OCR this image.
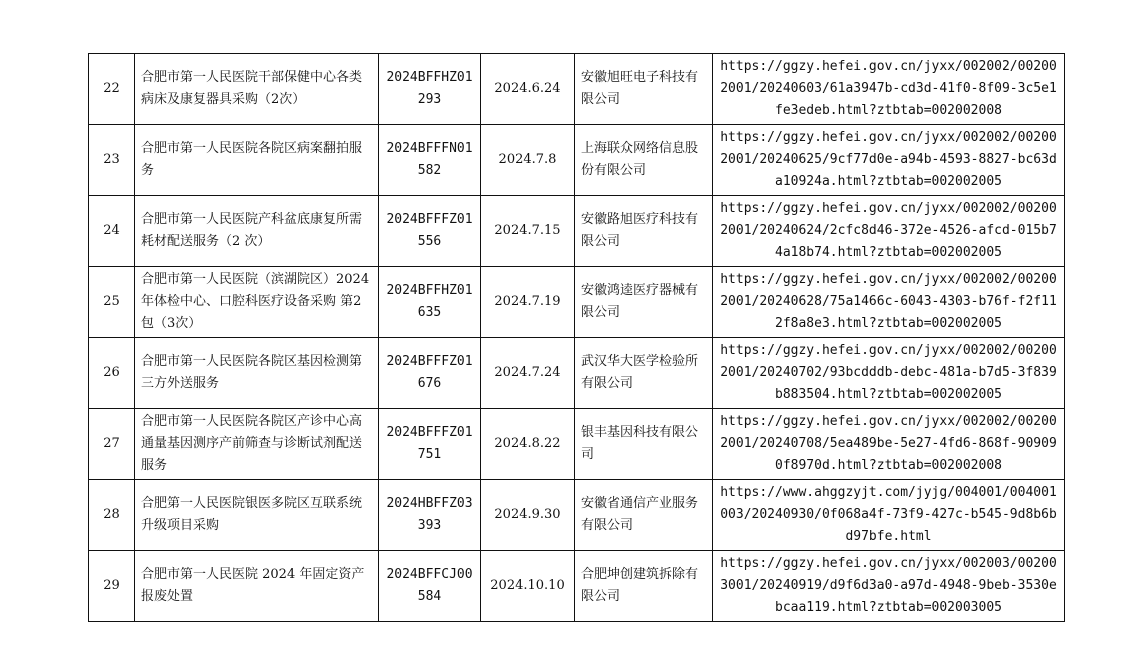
22	合肥市第一人民医院干部保健中心各类病床及康复器具采购（2次）	2024BFFHZ01293	2024.6.24	安徽旭旺电子科技有限公司	https://ggzy.hefei.gov.cn/jyxx/002002/002002001/20240603/61a3947b-cd3d-41f0-8f09-3c5e1fe3edeb.html?ztbtab=002002008
23	合肥市第一人民医院各院区病案翻拍服务	2024BFFFN01582	2024.7.8	上海联众网络信息股份有限公司	https://ggzy.hefei.gov.cn/jyxx/002002/002002001/20240625/9cf77d0e-a94b-4593-8827-bc63da10924a.html?ztbtab=002002005
24	合肥市第一人民医院产科盆底康复所需耗材配送服务（2 次）	2024BFFFZ01556	2024.7.15	安徽路旭医疗科技有限公司	https://ggzy.hefei.gov.cn/jyxx/002002/002002001/20240624/2cfc8d46-372e-4526-afcd-015b74a18b74.html?ztbtab=002002005
25	合肥市第一人民医院（滨湖院区）2024年体检中心、口腔科医疗设备采购 第2包（3次）	2024BFFHZ01635	2024.7.19	安徽鸿逵医疗器械有限公司	https://ggzy.hefei.gov.cn/jyxx/002002/002002001/20240628/75a1466c-6043-4303-b76f-f2f112f8a8e3.html?ztbtab=002002005
26	合肥市第一人民医院各院区基因检测第三方外送服务	2024BFFFZ01676	2024.7.24	武汉华大医学检验所有限公司	https://ggzy.hefei.gov.cn/jyxx/002002/002002001/20240702/93bcdddb-debc-481a-b7d5-3f839b883504.html?ztbtab=002002005
27	合肥市第一人民医院各院区产诊中心高通量基因测序产前筛查与诊断试剂配送服务	2024BFFFZ01751	2024.8.22	银丰基因科技有限公司	https://ggzy.hefei.gov.cn/jyxx/002002/002002001/20240708/5ea489be-5e27-4fd6-868f-909090f8970d.html?ztbtab=002002008
28	合肥第一人民医院银医多院区互联系统升级项目采购	2024HBFFZ03393	2024.9.30	安徽省通信产业服务有限公司	https://www.ahggzyjt.com/jyjg/004001/004001003/20240930/0f068a4f-73f9-427c-b545-9d8b6bd97bfe.html
29	合肥市第一人民医院 2024 年固定资产报废处置	2024BFFCJ00584	2024.10.10	合肥坤创建筑拆除有限公司	https://ggzy.hefei.gov.cn/jyxx/002003/002003001/20240919/d9f6d3a0-a97d-4948-9beb-3530ebcaa119.html?ztbtab=002003005
